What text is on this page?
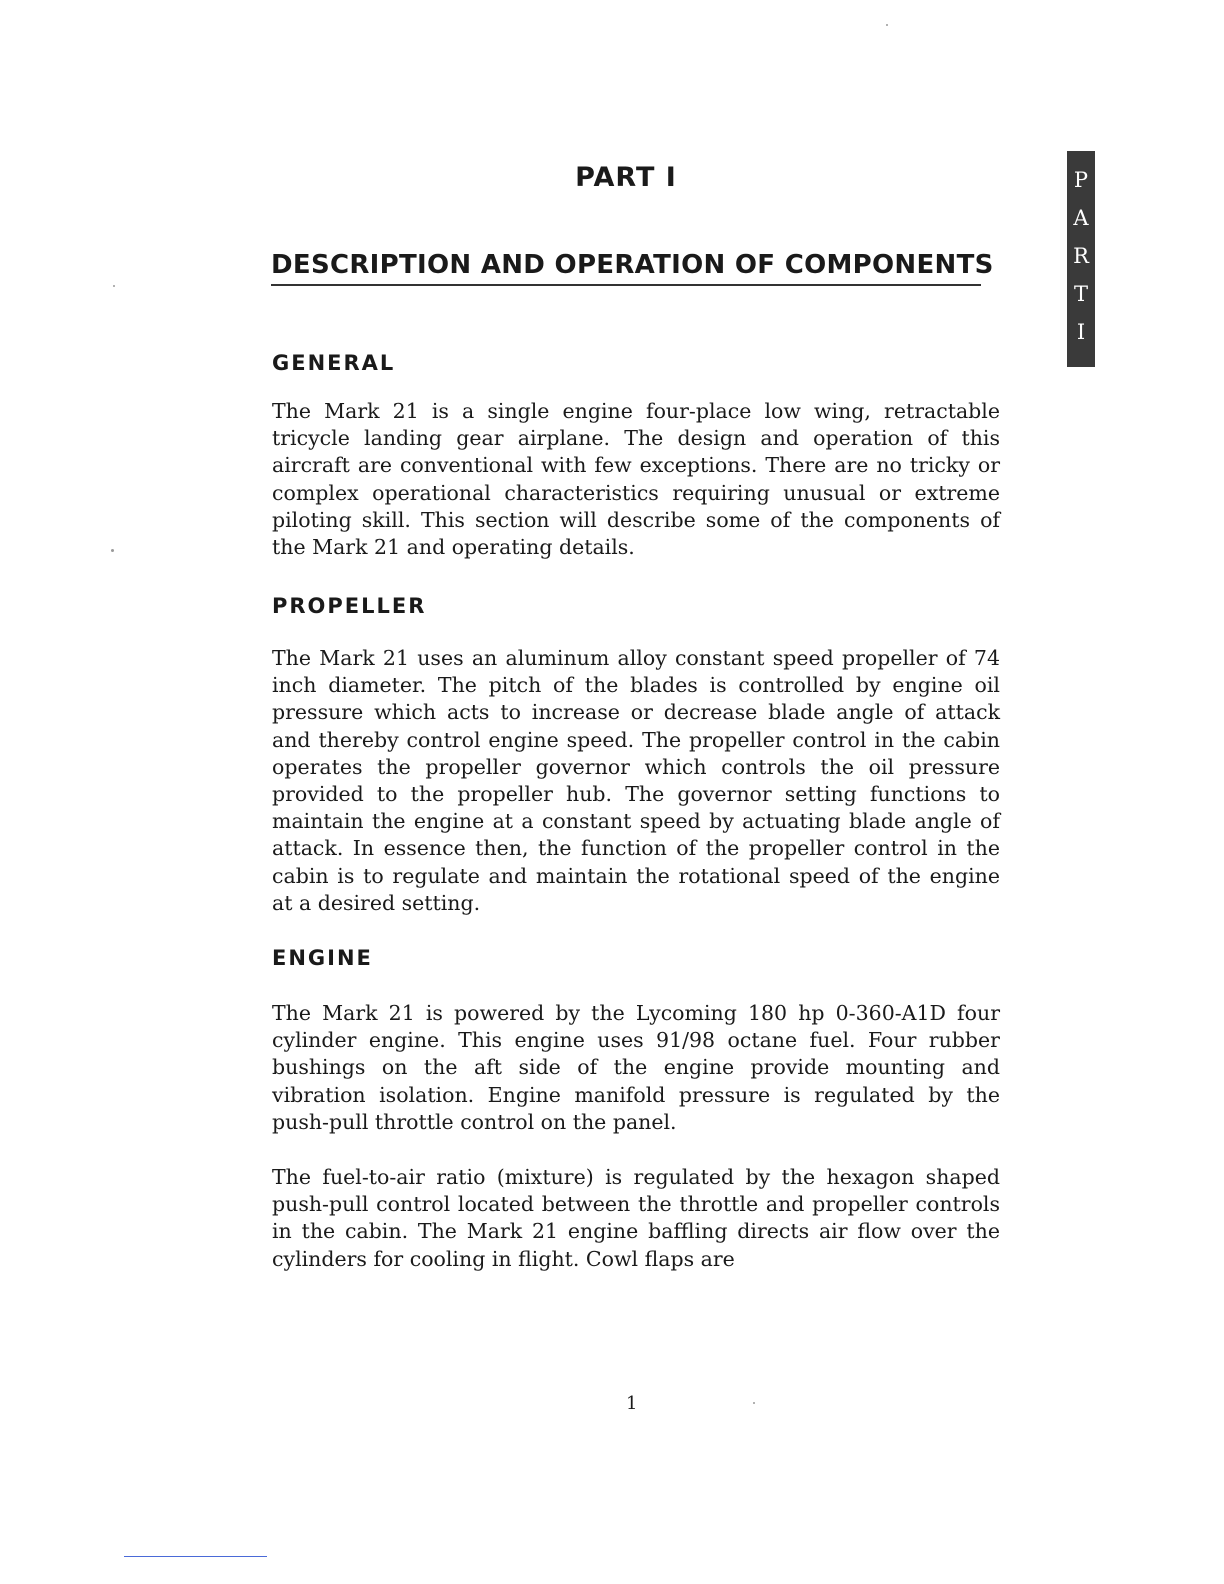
P
A
R
T
I
PART I
DESCRIPTION AND OPERATION OF COMPONENTS
GENERAL

The Mark 21 is a single engine four-place low wing, retractable tricycle landing gear airplane. The design and operation of this aircraft are conventional with few exceptions. There are no tricky or complex operational characteristics requiring unusual or extreme piloting skill. This section will describe some of the components of the Mark 21 and operating details.

PROPELLER

The Mark 21 uses an aluminum alloy constant speed propeller of 74 inch diameter. The pitch of the blades is controlled by engine oil pressure which acts to increase or decrease blade angle of attack and thereby control engine speed. The propeller control in the cabin operates the propeller governor which controls the oil pressure provided to the propeller hub. The governor setting functions to maintain the engine at a constant speed by actuating blade angle of attack. In essence then, the function of the propeller control in the cabin is to regulate and maintain the rotational speed of the engine at a desired setting.

ENGINE

The Mark 21 is powered by the Lycoming 180 hp 0-360-A1D four cylinder engine. This engine uses 91/98 octane fuel. Four rubber bushings on the aft side of the engine provide mounting and vibration isolation. Engine manifold pressure is regulated by the push-pull throttle control on the panel.

The fuel-to-air ratio (mixture) is regulated by the hexagon shaped push-pull control located between the throttle and propeller controls in the cabin. The Mark 21 engine baffling directs air flow over the cylinders for cooling in flight. Cowl flaps are

1
